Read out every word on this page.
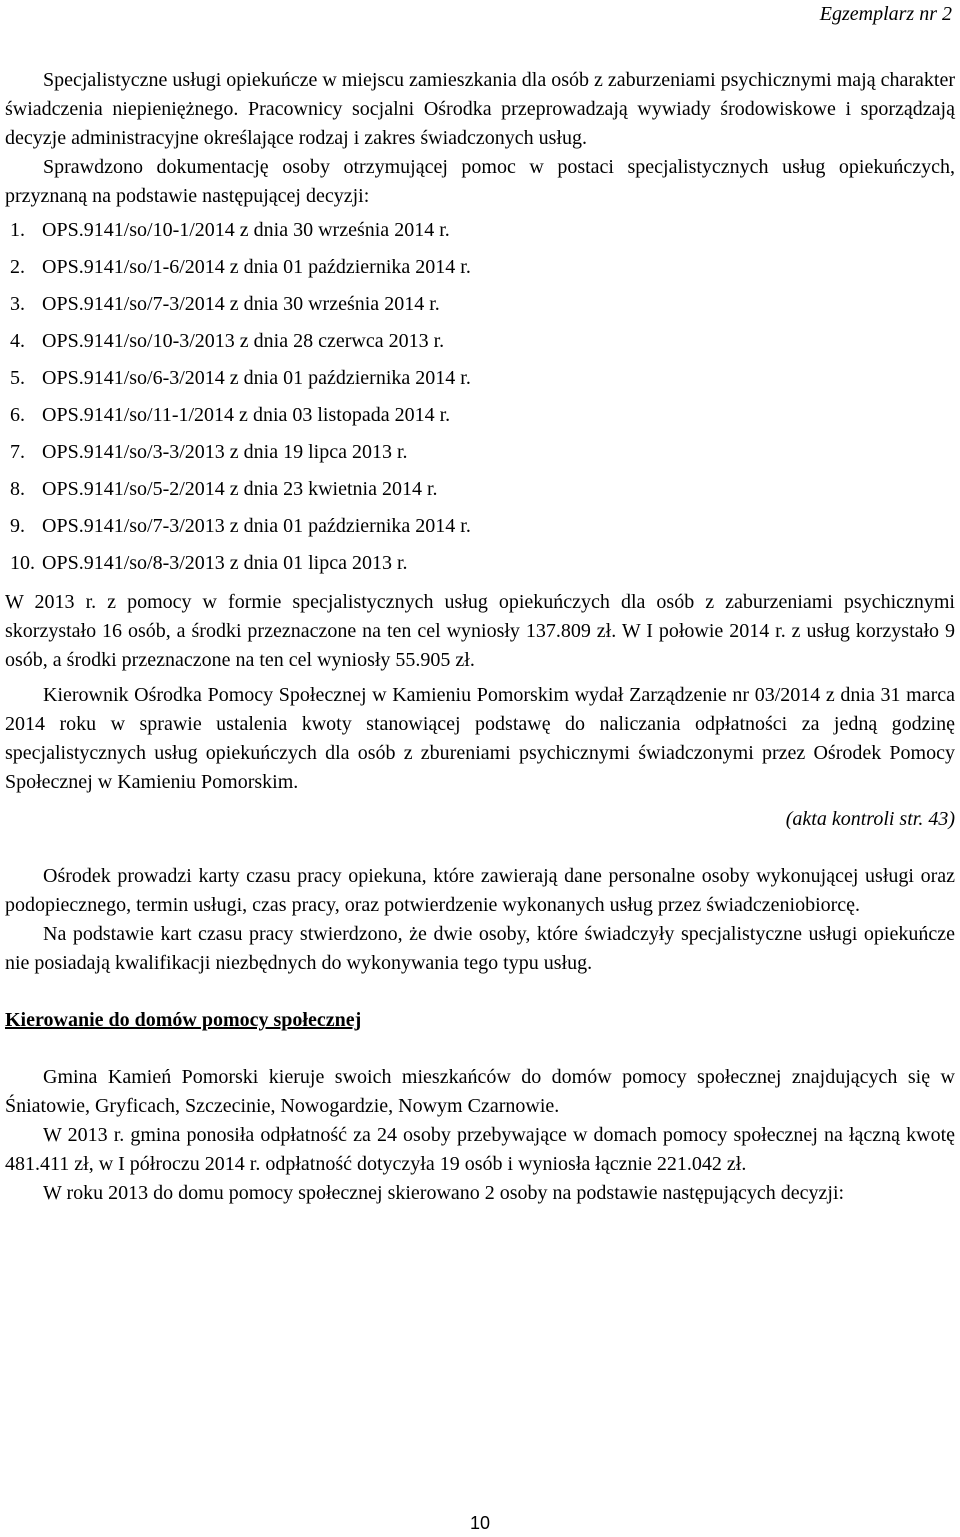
Egzemplarz nr 2

Specjalistyczne usługi opiekuńcze w miejscu zamieszkania dla osób z zaburzeniami psychicznymi mają charakter świadczenia niepieniężnego. Pracownicy socjalni Ośrodka przeprowadzają wywiady środowiskowe i sporządzają decyzje administracyjne określające rodzaj i zakres świadczonych usług.

Sprawdzono dokumentację osoby otrzymującej pomoc w postaci specjalistycznych usług opiekuńczych, przyznaną na podstawie następującej decyzji:

1. OPS.9141/so/10-1/2014 z dnia 30 września 2014 r.
2. OPS.9141/so/1-6/2014 z dnia 01 października 2014 r.
3. OPS.9141/so/7-3/2014 z dnia 30 września 2014 r.
4. OPS.9141/so/10-3/2013 z dnia 28 czerwca 2013 r.
5. OPS.9141/so/6-3/2014 z dnia 01 października 2014 r.
6. OPS.9141/so/11-1/2014 z dnia 03 listopada 2014 r.
7. OPS.9141/so/3-3/2013 z dnia 19 lipca 2013 r.
8. OPS.9141/so/5-2/2014 z dnia 23 kwietnia 2014 r.
9. OPS.9141/so/7-3/2013 z dnia 01 października 2014 r.
10. OPS.9141/so/8-3/2013 z dnia 01 lipca 2013 r.

W 2013 r. z pomocy w formie specjalistycznych usług opiekuńczych dla osób z zaburzeniami psychicznymi skorzystało 16 osób, a środki przeznaczone na ten cel wyniosły 137.809 zł. W I połowie 2014 r. z usług korzystało 9 osób, a środki przeznaczone na ten cel wyniosły 55.905 zł.

Kierownik Ośrodka Pomocy Społecznej w Kamieniu Pomorskim wydał Zarządzenie nr 03/2014 z dnia 31 marca 2014 roku w sprawie ustalenia kwoty stanowiącej podstawę do naliczania odpłatności za jedną godzinę specjalistycznych usług opiekuńczych dla osób z zbureniami psychicznymi świadczonymi przez Ośrodek Pomocy Społecznej w Kamieniu Pomorskim.

(akta kontroli str. 43)

Ośrodek prowadzi karty czasu pracy opiekuna, które zawierają dane personalne osoby wykonującej usługi oraz podopiecznego, termin usługi, czas pracy, oraz potwierdzenie wykonanych usług przez świadczeniobiorcę.

Na podstawie kart czasu pracy stwierdzono, że dwie osoby, które świadczyły specjalistyczne usługi opiekuńcze nie posiadają kwalifikacji niezbędnych do wykonywania tego typu usług.

Kierowanie do domów pomocy społecznej

Gmina Kamień Pomorski kieruje swoich mieszkańców do domów pomocy społecznej znajdujących się w Śniatowie, Gryficach, Szczecinie, Nowogardzie, Nowym Czarnowie.

W 2013 r. gmina ponosiła odpłatność za 24 osoby przebywające w domach pomocy społecznej na łączną kwotę 481.411 zł, w I półroczu 2014 r. odpłatność dotyczyła 19 osób i wyniosła łącznie 221.042 zł.

W roku 2013 do domu pomocy społecznej skierowano 2 osoby na podstawie następujących decyzji:

10
